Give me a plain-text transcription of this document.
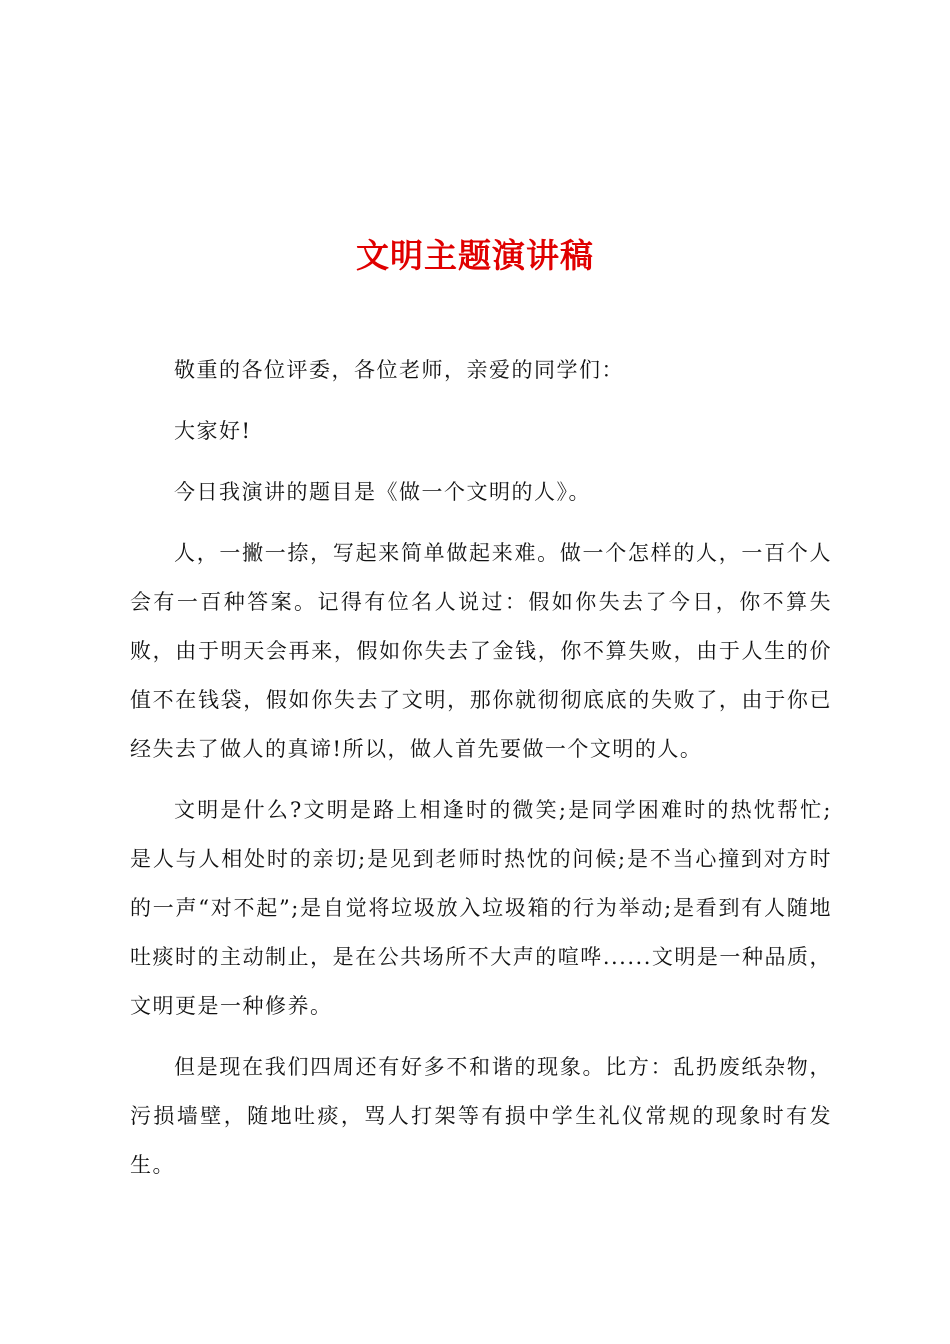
文明主题演讲稿

敬重的各位评委，各位老师，亲爱的同学们：

大家好!

今日我演讲的题目是《做一个文明的人》。

人，一撇一捺，写起来简单做起来难。做一个怎样的人，一百个人会有一百种答案。记得有位名人说过：假如你失去了今日，你不算失败，由于明天会再来，假如你失去了金钱，你不算失败，由于人生的价值不在钱袋，假如你失去了文明，那你就彻彻底底的失败了，由于你已经失去了做人的真谛!所以，做人首先要做一个文明的人。

文明是什么?文明是路上相逢时的微笑;是同学困难时的热忱帮忙;是人与人相处时的亲切;是见到老师时热忱的问候;是不当心撞到对方时的一声“对不起”;是自觉将垃圾放入垃圾箱的行为举动;是看到有人随地吐痰时的主动制止，是在公共场所不大声的喧哗......文明是一种品质，文明更是一种修养。

但是现在我们四周还有好多不和谐的现象。比方：乱扔废纸杂物，污损墙壁，随地吐痰，骂人打架等有损中学生礼仪常规的现象时有发生。
